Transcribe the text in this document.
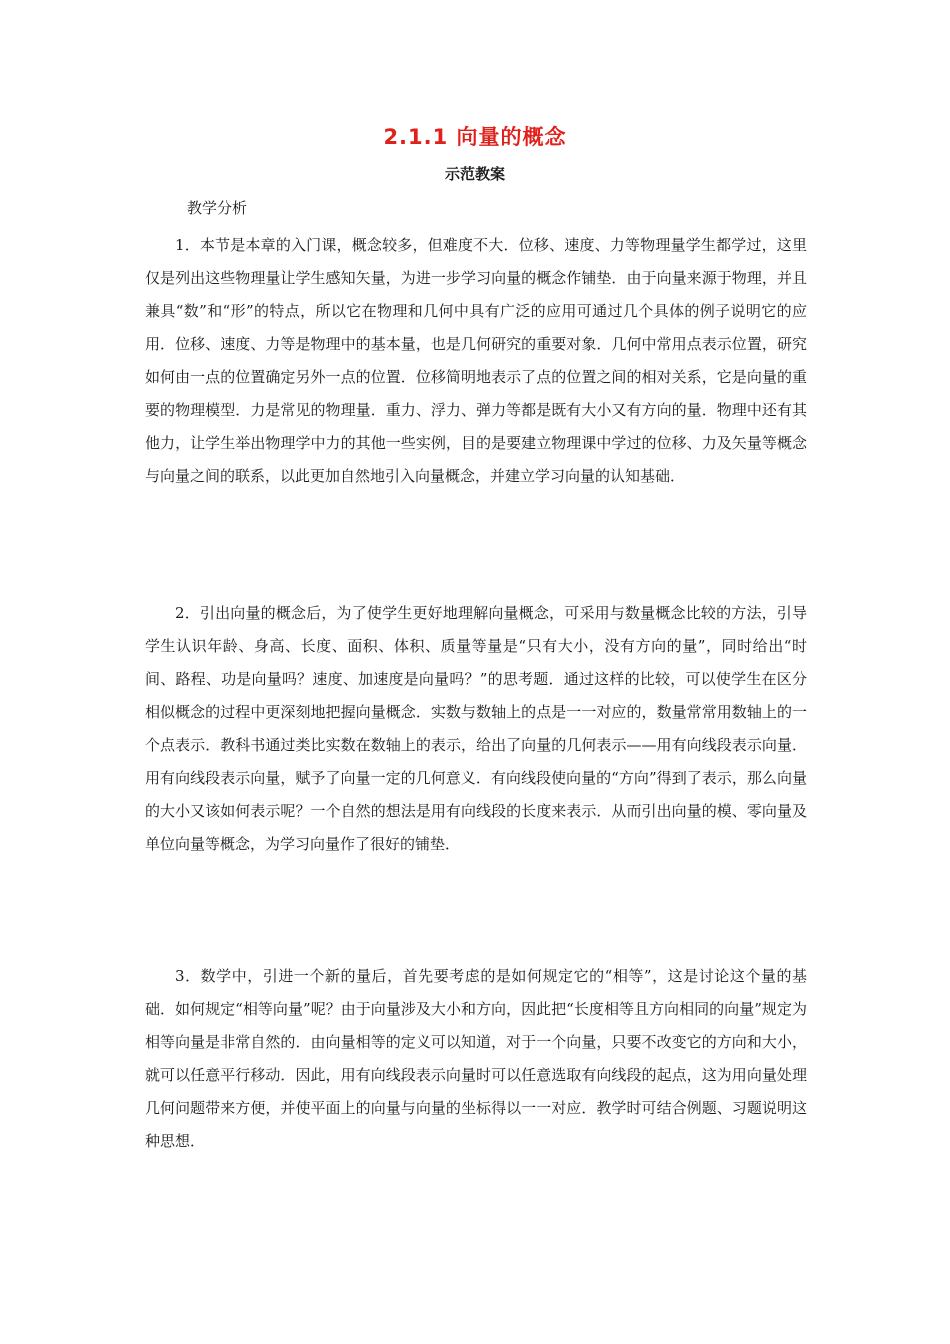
2.1.1 向量的概念
示范教案
教学分析

1．本节是本章的入门课，概念较多，但难度不大．位移、速度、力等物理量学生都学过，这里仅是列出这些物理量让学生感知矢量，为进一步学习向量的概念作铺垫．由于向量来源于物理，并且兼具“数”和“形”的特点，所以它在物理和几何中具有广泛的应用可通过几个具体的例子说明它的应用．位移、速度、力等是物理中的基本量，也是几何研究的重要对象．几何中常用点表示位置，研究如何由一点的位置确定另外一点的位置．位移简明地表示了点的位置之间的相对关系，它是向量的重要的物理模型．力是常见的物理量．重力、浮力、弹力等都是既有大小又有方向的量．物理中还有其他力，让学生举出物理学中力的其他一些实例，目的是要建立物理课中学过的位移、力及矢量等概念与向量之间的联系，以此更加自然地引入向量概念，并建立学习向量的认知基础．

2．引出向量的概念后，为了使学生更好地理解向量概念，可采用与数量概念比较的方法，引导学生认识年龄、身高、长度、面积、体积、质量等量是“只有大小，没有方向的量”，同时给出“时间、路程、功是向量吗？速度、加速度是向量吗？”的思考题．通过这样的比较，可以使学生在区分相似概念的过程中更深刻地把握向量概念．实数与数轴上的点是一一对应的，数量常常用数轴上的一个点表示．教科书通过类比实数在数轴上的表示，给出了向量的几何表示——用有向线段表示向量．用有向线段表示向量，赋予了向量一定的几何意义．有向线段使向量的“方向”得到了表示，那么向量的大小又该如何表示呢？一个自然的想法是用有向线段的长度来表示．从而引出向量的模、零向量及单位向量等概念，为学习向量作了很好的铺垫．

3．数学中，引进一个新的量后，首先要考虑的是如何规定它的“相等”，这是讨论这个量的基础．如何规定“相等向量”呢？由于向量涉及大小和方向，因此把“长度相等且方向相同的向量”规定为相等向量是非常自然的．由向量相等的定义可以知道，对于一个向量，只要不改变它的方向和大小，就可以任意平行移动．因此，用有向线段表示向量时可以任意选取有向线段的起点，这为用向量处理几何问题带来方便，并使平面上的向量与向量的坐标得以一一对应．教学时可结合例题、习题说明这种思想．
